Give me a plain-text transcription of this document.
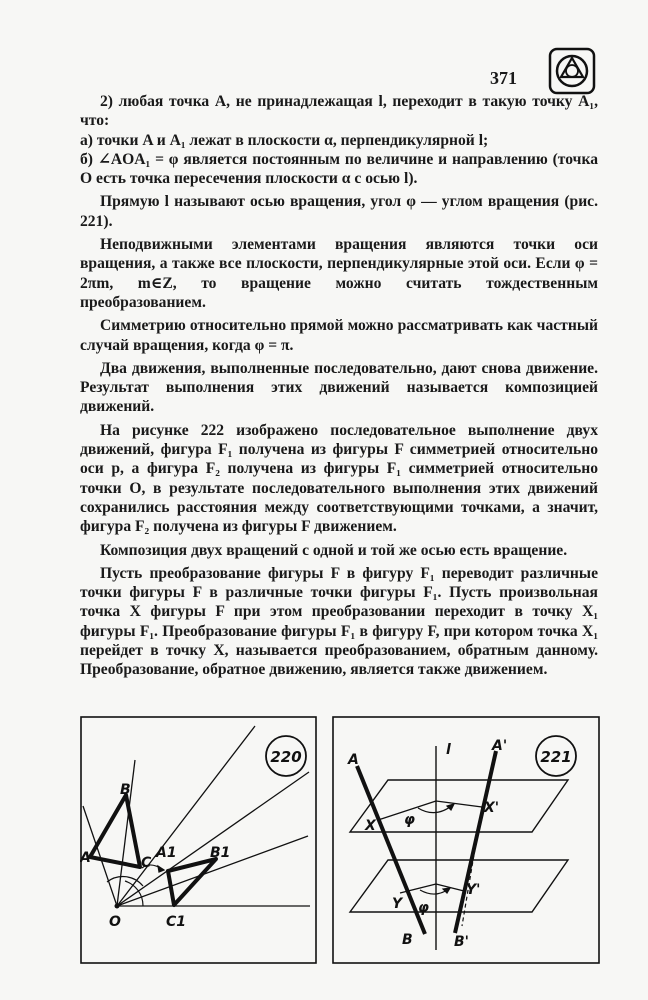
371

2) любая точка A, не принадлежащая l, переходит в такую точку A₁, что:

а) точки A и A₁ лежат в плоскости α, перпендикулярной l;

б) ∠AOA₁ = φ является постоянным по величине и направлению (точка O есть точка пересечения плоскости α с осью l).

Прямую l называют осью вращения, угол φ — углом вращения (рис. 221).

Неподвижными элементами вращения являются точки оси вращения, а также все плоскости, перпендикулярные этой оси. Если φ = 2πm, m∈Z, то вращение можно считать тождественным преобразованием.

Симметрию относительно прямой можно рассматривать как частный случай вращения, когда φ = π.

Два движения, выполненные последовательно, дают снова движение. Результат выполнения этих движений называется композицией движений.

На рисунке 222 изображено последовательное выполнение двух движений, фигура F₁ получена из фигуры F симметрией относительно оси p, а фигура F₂ получена из фигуры F₁ симметрией относительно точки O, в результате последовательного выполнения этих движений сохранились расстояния между соответствующими точками, а значит, фигура F₂ получена из фигуры F движением.

Композиция двух вращений с одной и той же осью есть вращение.

Пусть преобразование фигуры F в фигуру F₁ переводит различные точки фигуры F в различные точки фигуры F₁. Пусть произвольная точка X фигуры F при этом преобразовании переходит в точку X₁ фигуры F₁. Преобразование фигуры F₁ в фигуру F, при котором точка X₁ перейдет в точку X, называется преобразованием, обратным данному. Преобразование, обратное движению, является также движением.

220
B
A	C
A1 B1
O	C1
221
A
l	A'
X φ
X'
Y φ
Y'
B	B'
